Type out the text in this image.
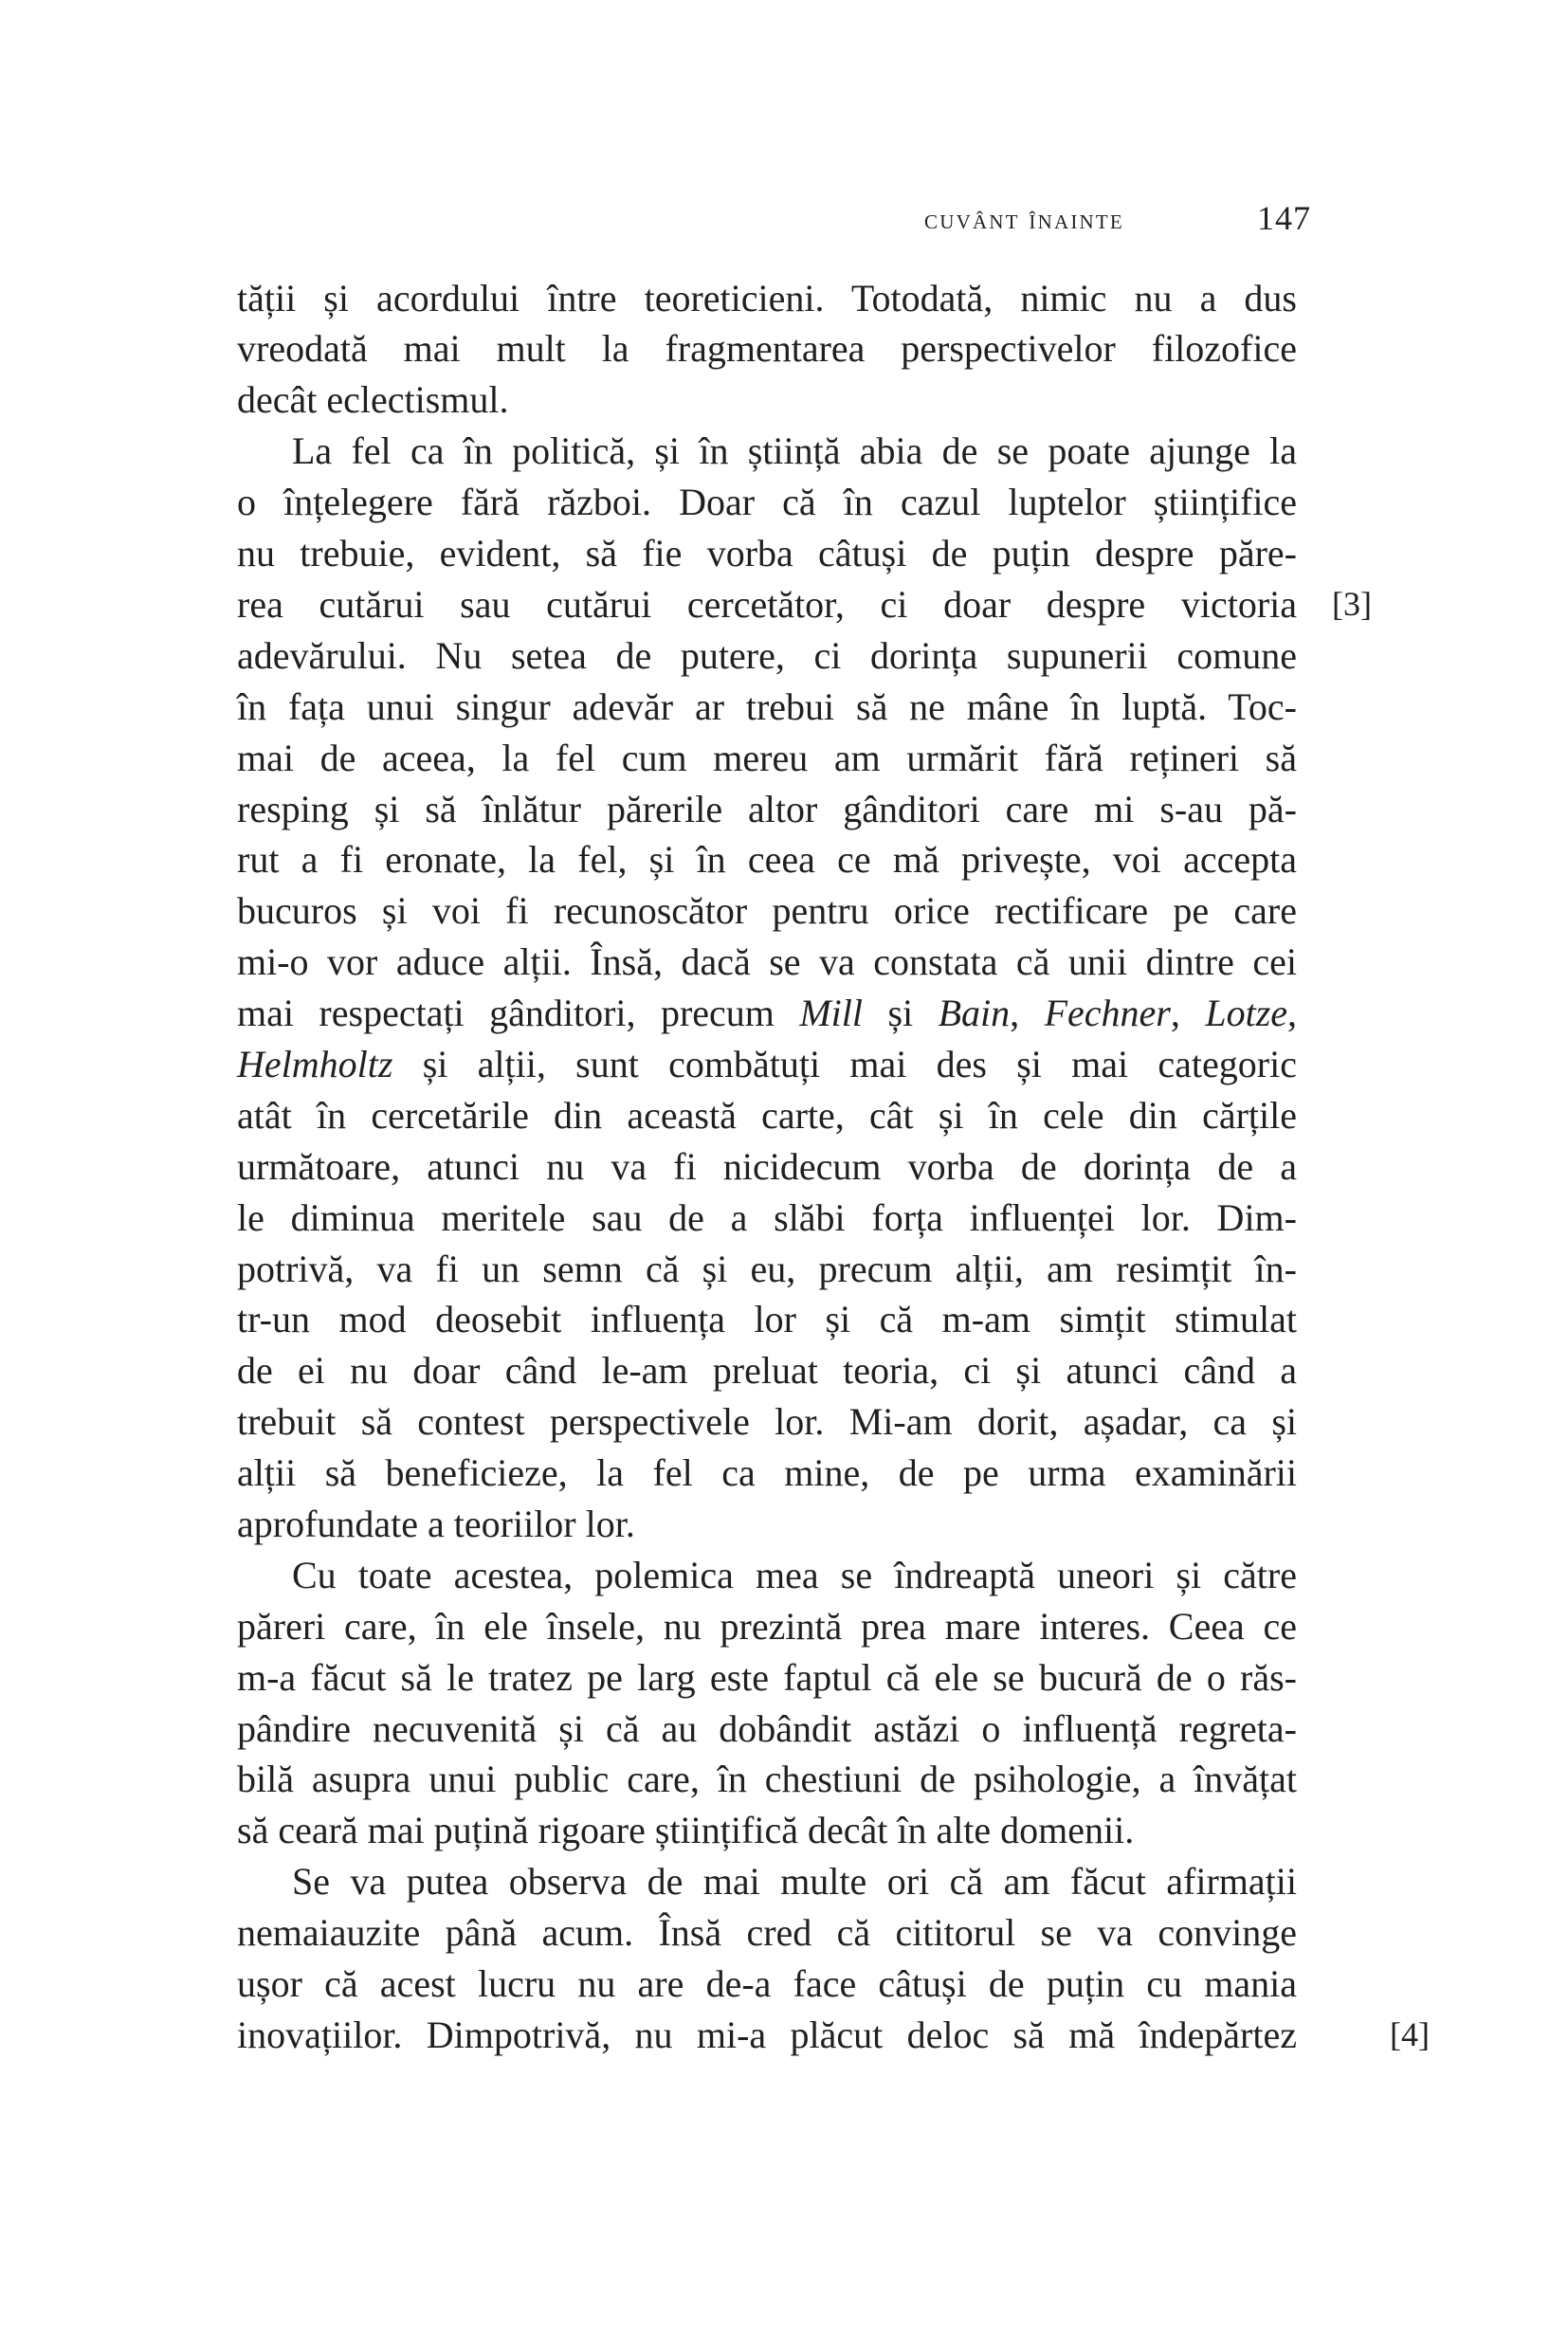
cuvânt înainte	147
tății și acordului între teoreticieni. Totodată, nimic nu a dus
vreodată mai mult la fragmentarea perspectivelor filozofice
decât eclectismul.
La fel ca în politică, și în știință abia de se poate ajunge la
o înțelegere fără război. Doar că în cazul luptelor științifice
nu trebuie, evident, să fie vorba câtuși de puțin despre păre-
rea cutărui sau cutărui cercetător, ci doar despre victoria
adevărului. Nu setea de putere, ci dorința supunerii comune
în fața unui singur adevăr ar trebui să ne mâne în luptă. Toc-
mai de aceea, la fel cum mereu am urmărit fără rețineri să
resping și să înlătur părerile altor gânditori care mi s-au pă-
rut a fi eronate, la fel, și în ceea ce mă privește, voi accepta
bucuros și voi fi recunoscător pentru orice rectificare pe care
mi-o vor aduce alții. Însă, dacă se va constata că unii dintre cei
mai respectați gânditori, precum Mill și Bain, Fechner, Lotze,
Helmholtz și alții, sunt combătuți mai des și mai categoric
atât în cercetările din această carte, cât și în cele din cărțile
următoare, atunci nu va fi nicidecum vorba de dorința de a
le diminua meritele sau de a slăbi forța influenței lor. Dim-
potrivă, va fi un semn că și eu, precum alții, am resimțit în-
tr-un mod deosebit influența lor și că m-am simțit stimulat
de ei nu doar când le-am preluat teoria, ci și atunci când a
trebuit să contest perspectivele lor. Mi-am dorit, așadar, ca și
alții să beneficieze, la fel ca mine, de pe urma examinării
aprofundate a teoriilor lor.
Cu toate acestea, polemica mea se îndreaptă uneori și către
păreri care, în ele însele, nu prezintă prea mare interes. Ceea ce
m-a făcut să le tratez pe larg este faptul că ele se bucură de o răs-
pândire necuvenită și că au dobândit astăzi o influență regreta-
bilă asupra unui public care, în chestiuni de psihologie, a învățat
să ceară mai puțină rigoare științifică decât în alte domenii.
Se va putea observa de mai multe ori că am făcut afirmații
nemaiauzite până acum. Însă cred că cititorul se va convinge
ușor că acest lucru nu are de-a face câtuși de puțin cu mania
inovațiilor. Dimpotrivă, nu mi-a plăcut deloc să mă îndepărtez
[3]
[4]
